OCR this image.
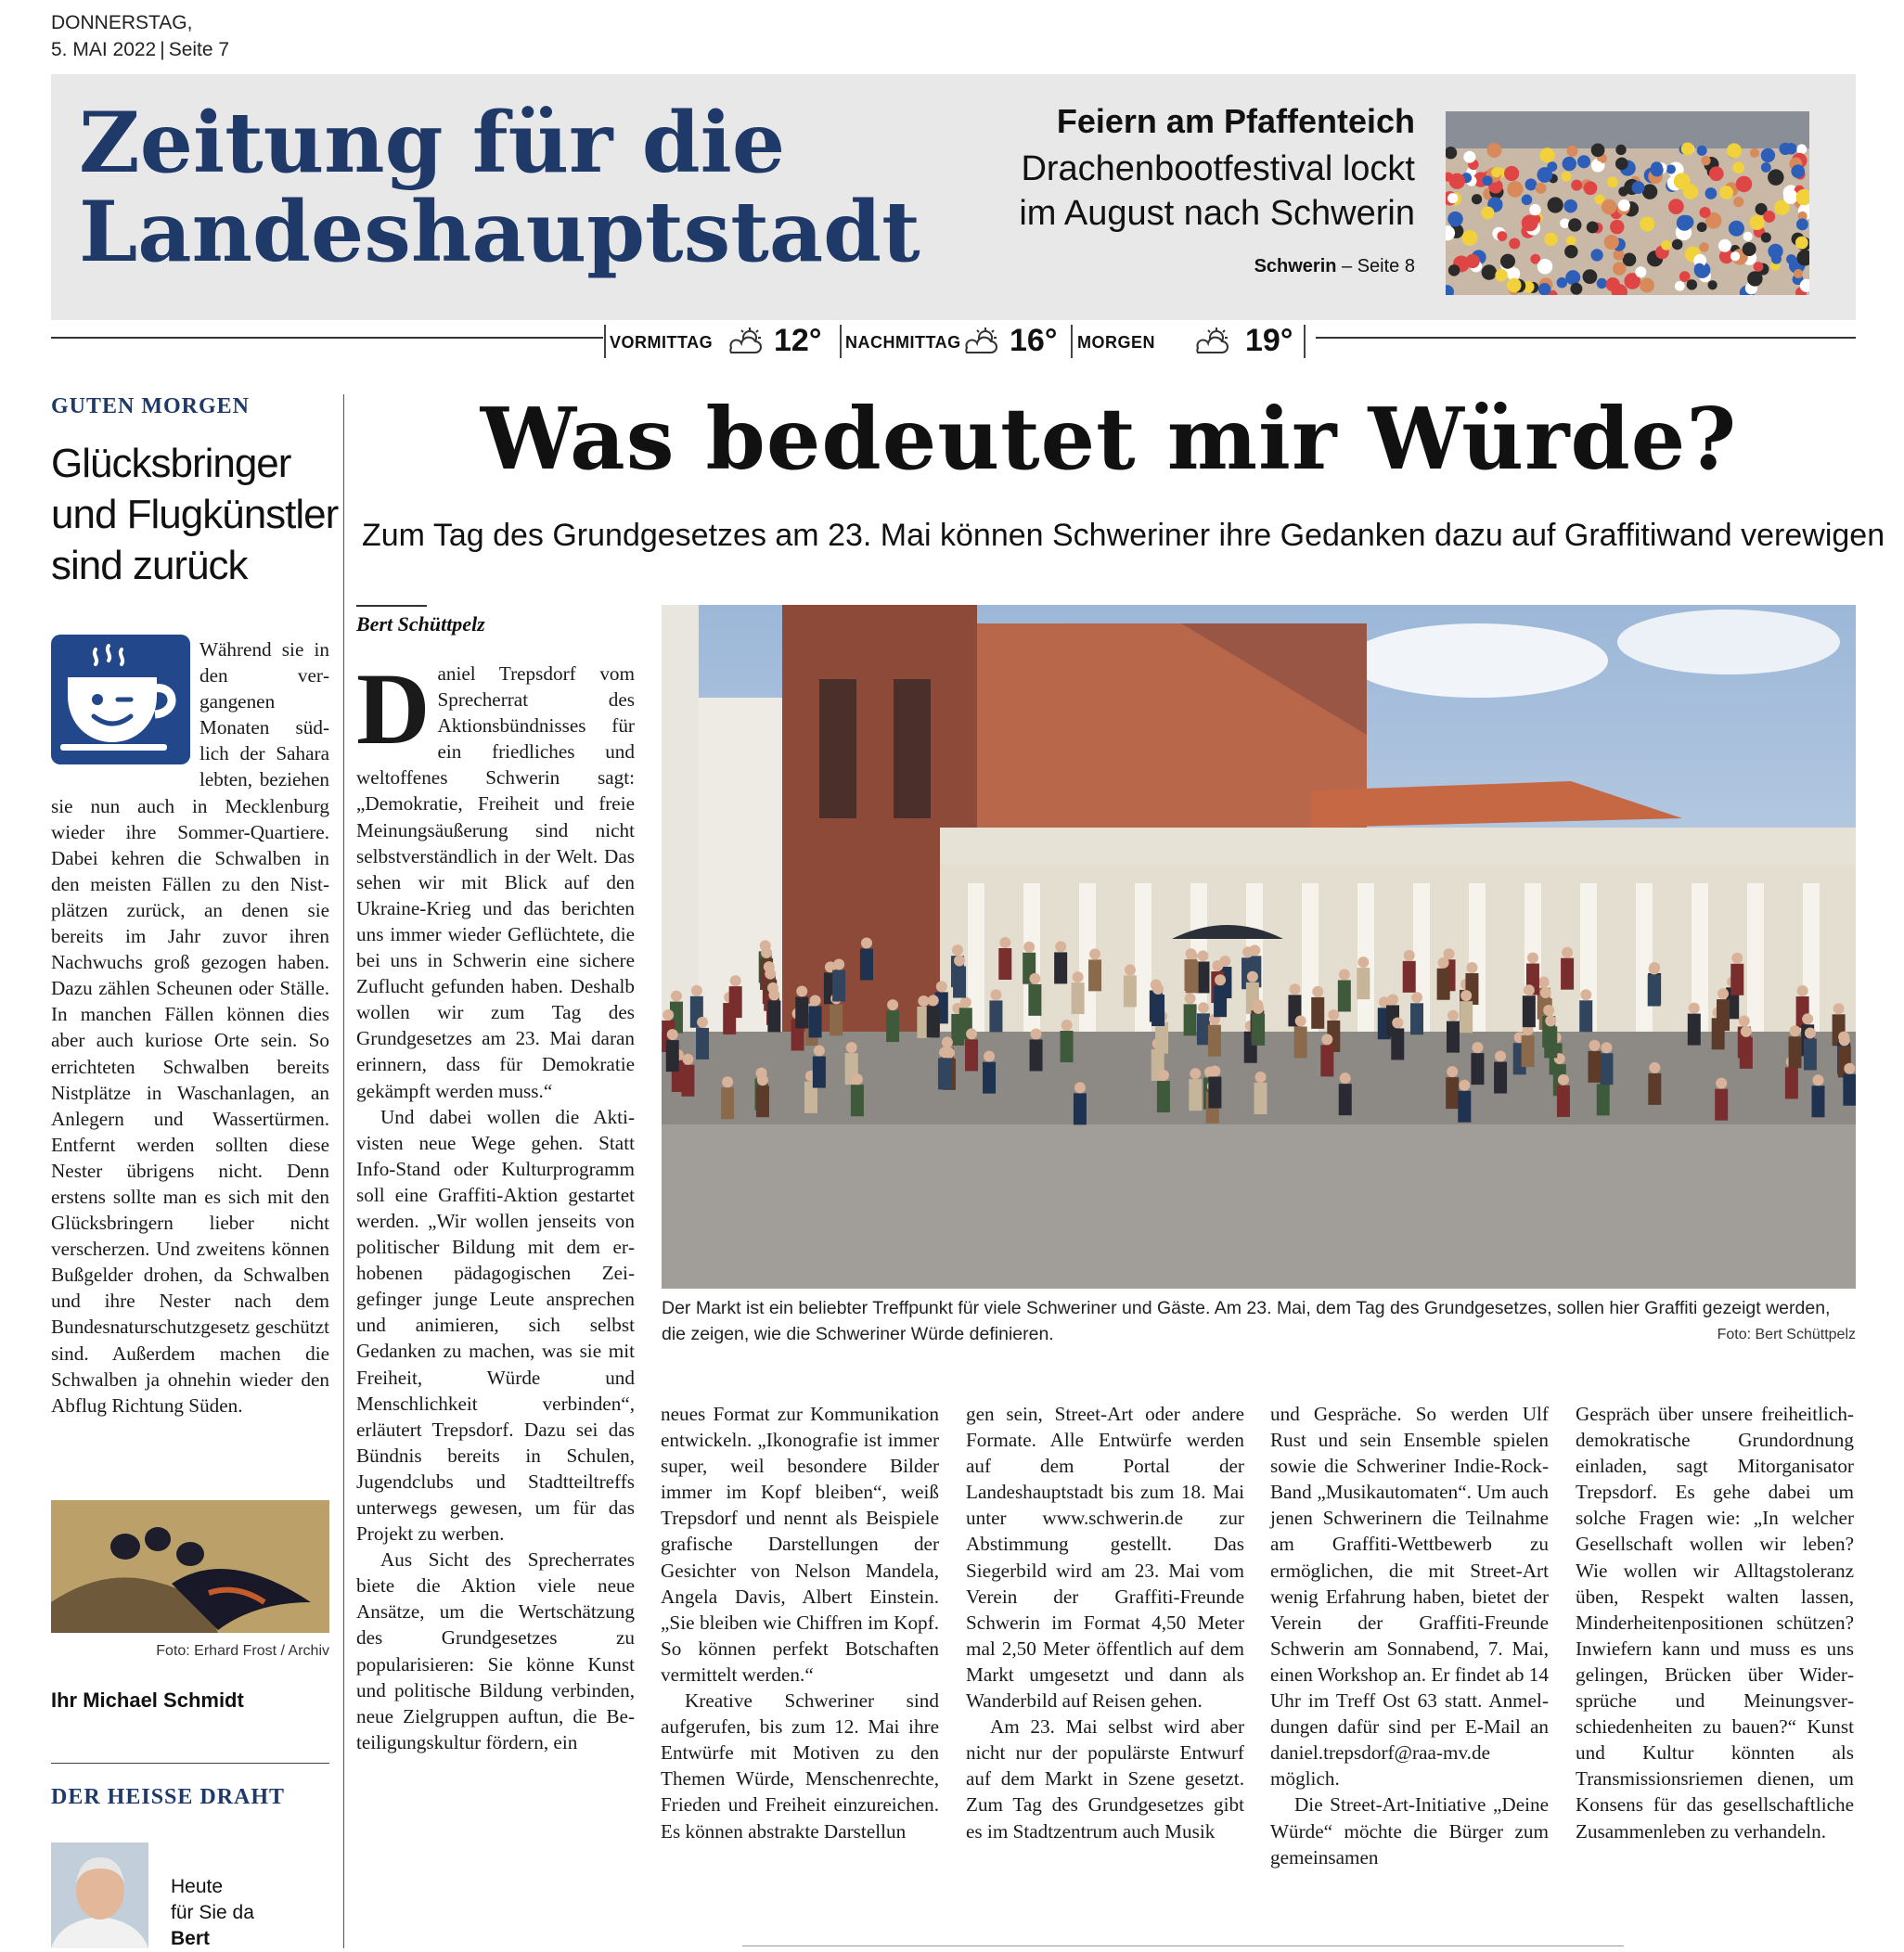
DONNERSTAG,
5. MAI 2022 | Seite 7
Zeitung für die
Landeshauptstadt
Feiern am Pfaffenteich
Drachenbootfestival lockt
im August nach Schwerin
Schwerin – Seite 8
VORMITTAG 12° NACHMITTAG 16° MORGEN	19°
GUTEN MORGEN
Glücksbringer und Flugkünstler sind zurück

Während sie in den vergangenen Monaten südlich der Sahara lebten, beziehen sie nun auch in Mecklenburg wieder ihre Sommer-Quartiere. Dabei kehren die Schwalben in den meisten Fällen zu den Nistplätzen zurück, an denen sie bereits im Jahr zuvor ihren Nachwuchs groß gezogen haben. Dazu zählen Scheunen oder Ställe. In manchen Fällen können dies aber auch kuriose Orte sein. So errichteten Schwalben bereits Nistplätze in Waschanlagen, an Anlegern und Wassertürmen. Entfernt werden sollten diese Nester übrigens nicht. Denn erstens sollte man es sich mit den Glücksbringern lieber nicht verscherzen. Und zweitens können Bußgelder drohen, da Schwalben und ihre Nester nach dem Bundesnaturschutzgesetz geschützt sind. Außerdem machen die Schwalben ja ohnehin wieder den Abflug Richtung Süden.

Foto: Erhard Frost / Archiv
Ihr Michael Schmidt
DER HEISSE DRAHT
Heute
für Sie da
Bert
Was bedeutet mir Würde?
Zum Tag des Grundgesetzes am 23. Mai können Schweriner ihre Gedanken dazu auf Graffitiwand verewigen
Bert Schüttpelz
D aniel Trepsdorf vom Sprecherrat des Aktionsbündnisses für ein friedliches und weltoffenes Schwerin sagt: „Demokratie, Freiheit und freie Meinungsäußerung sind nicht selbstverständlich in der Welt. Das sehen wir mit Blick auf den Ukraine-Krieg und das berichten uns immer wieder Geflüchtete, die bei uns in Schwerin eine sichere Zuflucht gefunden haben. Deshalb wollen wir zum Tag des Grundgesetzes am 23. Mai daran erinnern, dass für Demokratie gekämpft werden muss.“

Und dabei wollen die Aktivisten neue Wege gehen. Statt Info-Stand oder Kulturprogramm soll eine Graffiti-Aktion gestartet werden. „Wir wollen jenseits von politischer Bildung mit dem erhobenen pädagogischen Zeigefinger junge Leute ansprechen und animieren, sich selbst Gedanken zu machen, was sie mit Freiheit, Würde und Menschlichkeit verbinden“, erläutert Trepsdorf. Dazu sei das Bündnis bereits in Schulen, Jugendclubs und Stadtteiltreffs unterwegs gewesen, um für das Projekt zu werben.

Aus Sicht des Sprecherrates biete die Aktion viele neue Ansätze, um die Wertschätzung des Grundgesetzes zu popularisieren: Sie könne Kunst und politische Bildung verbinden, neue Zielgruppen auftun, die Beteiligungskultur fördern, ein

neues Format zur Kommunikation entwickeln. „Ikonografie ist immer super, weil besondere Bilder immer im Kopf bleiben“, weiß Trepsdorf und nennt als Beispiele grafische Darstellungen der Gesichter von Nelson Mandela, Angela Davis, Albert Einstein. „Sie bleiben wie Chiffren im Kopf. So können perfekt Botschaften vermittelt werden.“

Kreative Schweriner sind aufgerufen, bis zum 12. Mai ihre Entwürfe mit Motiven zu den Themen Würde, Menschenrechte, Frieden und Freiheit einzureichen. Es können abstrakte Darstellun

gen sein, Street-Art oder andere Formate. Alle Entwürfe werden auf dem Portal der Landeshauptstadt bis zum 18. Mai unter www.schwerin.de zur Abstimmung gestellt. Das Siegerbild wird am 23. Mai vom Verein der Graffiti-Freunde Schwerin im Format 4,50 Meter mal 2,50 Meter öffentlich auf dem Markt umgesetzt und dann als Wanderbild auf Reisen gehen.

Am 23. Mai selbst wird aber nicht nur der populärste Entwurf auf dem Markt in Szene gesetzt. Zum Tag des Grundgesetzes gibt es im Stadtzentrum auch Musik

und Gespräche. So werden Ulf Rust und sein Ensemble spielen sowie die Schweriner Indie-Rock-Band „Musikautomaten“. Um auch jenen Schwerinern die Teilnahme am Graffiti-Wettbewerb zu ermöglichen, die mit Street-Art wenig Erfahrung haben, bietet der Verein der Graffiti-Freunde Schwerin am Sonnabend, 7. Mai, einen Workshop an. Er findet ab 14 Uhr im Treff Ost 63 statt. Anmeldungen dafür sind per E-Mail an daniel.trepsdorf@raa-mv.de möglich.

Die Street-Art-Initiative „Deine Würde“ möchte die Bürger zum gemeinsamen

Gespräch über unsere freiheitlich-demokratische Grundordnung einladen, sagt Mitorganisator Trepsdorf. Es gehe dabei um solche Fragen wie: „In welcher Gesellschaft wollen wir leben? Wie wollen wir Alltagstoleranz üben, Respekt walten lassen, Minderheitenpositionen schützen? Inwiefern kann und muss es uns gelingen, Brücken über Widersprüche und Meinungsverschiedenheiten zu bauen?“ Kunst und Kultur könnten als Transmissionsriemen dienen, um Konsens für das gesellschaftliche Zusammenleben zu verhandeln.

Der Markt ist ein beliebter Treffpunkt für viele Schweriner und Gäste. Am 23. Mai, dem Tag des Grundgesetzes, sollen hier Graffiti gezeigt werden, die zeigen, wie die Schweriner Würde definieren.	Foto: Bert Schüttpelz
